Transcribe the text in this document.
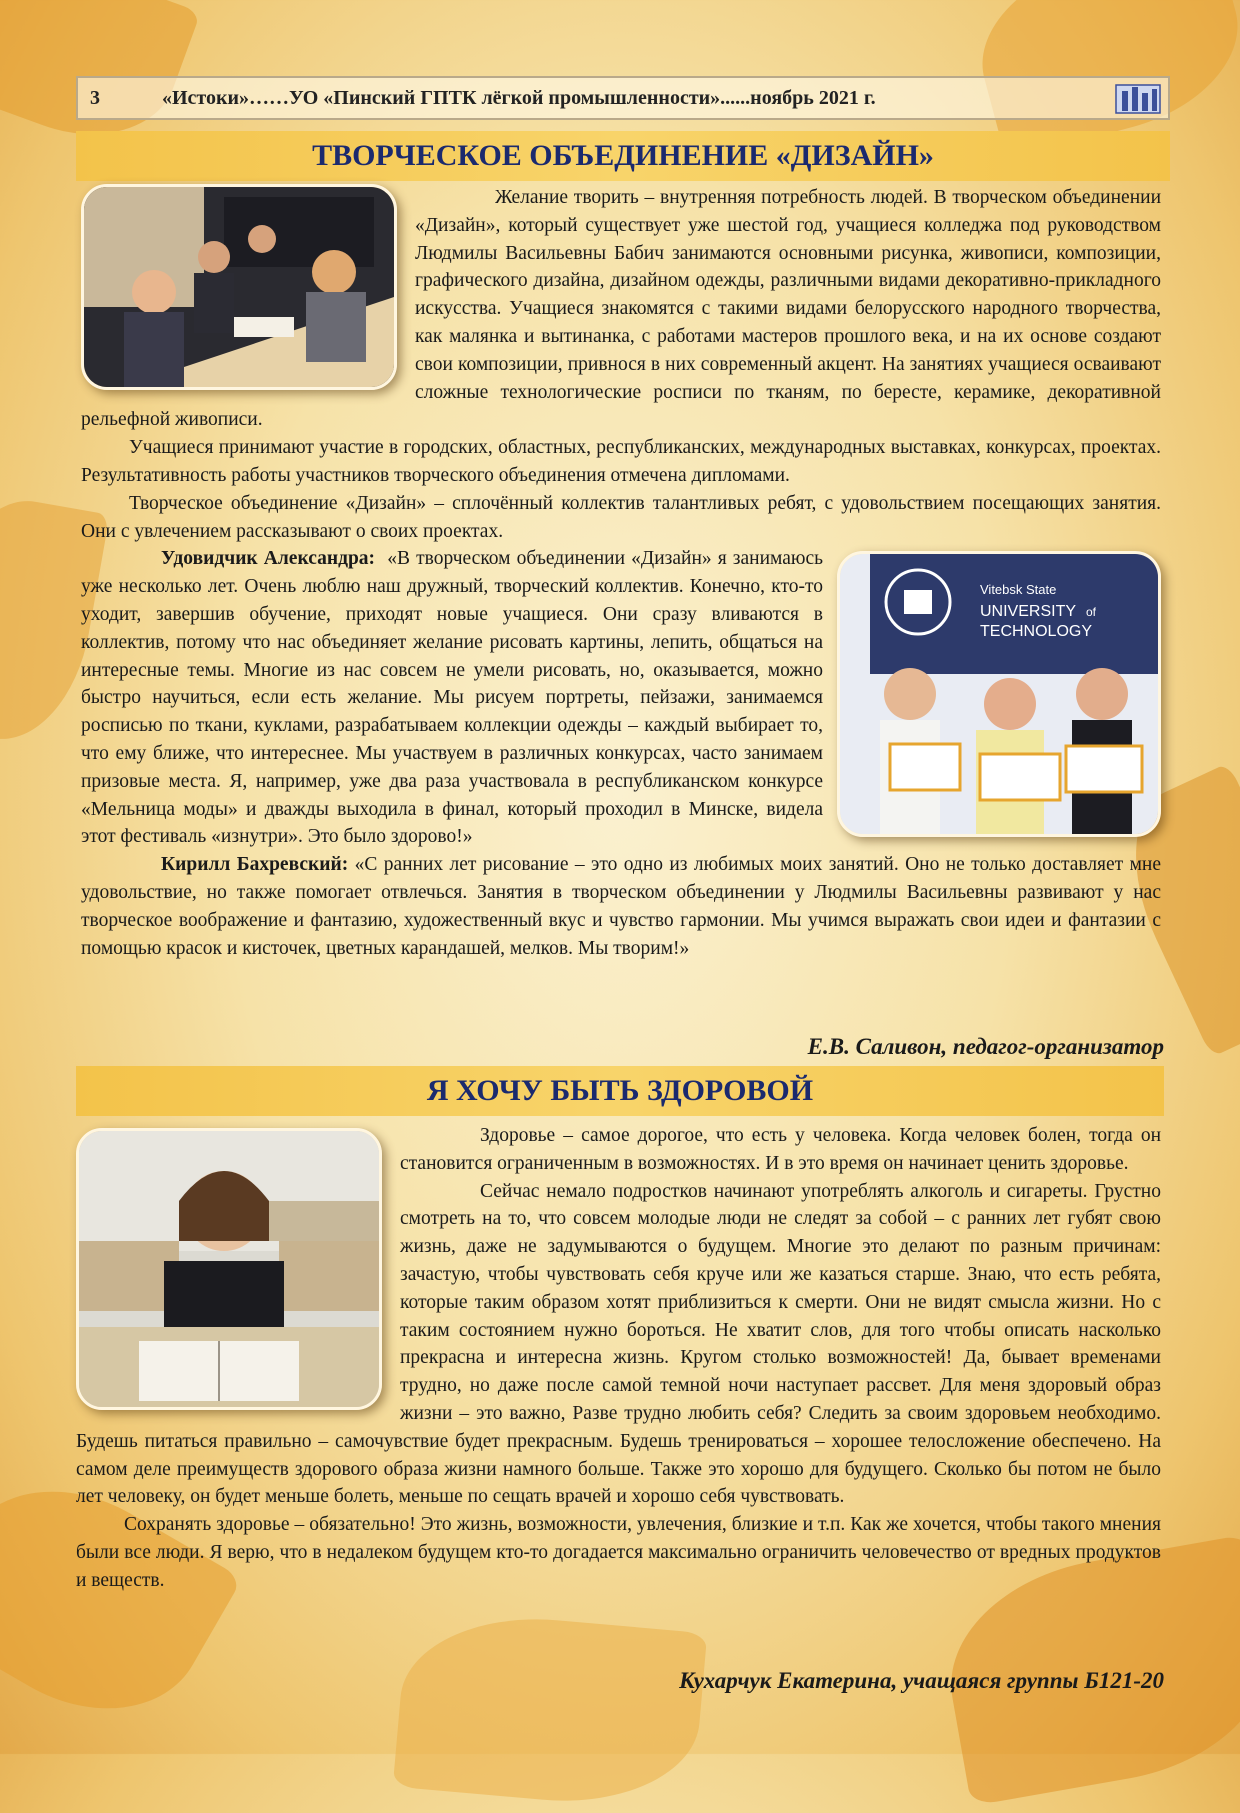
3	«Истоки»……УО «Пинский ГПТК лёгкой промышленности»......ноябрь 2021 г.
ТВОРЧЕСКОЕ ОБЪЕДИНЕНИЕ «ДИЗАЙН»

Желание творить – внутренняя потребность людей. В творческом объединении «Дизайн», который существует уже шестой год, учащиеся колледжа под руководством Людмилы Васильевны Бабич занимаются основными рисунка, живописи, композиции, графического дизайна, дизайном одежды, различными видами декоративно-прикладного искусства. Учащиеся знакомятся с такими видами белорусского народного творчества, как малянка и вытинанка, с работами мастеров прошлого века, и на их основе создают свои композиции, привнося в них современный акцент. На занятиях учащиеся осваивают сложные технологические росписи по тканям, по бересте, керамике, декоративной рельефной живописи.

Учащиеся принимают участие в городских, областных, республиканских, международных выставках, конкурсах, проектах. Результативность работы участников творческого объединения отмечена дипломами.

Творческое объединение «Дизайн» – сплочённый коллектив талантливых ребят, с удовольствием посещающих занятия. Они с увлечением рассказывают о своих проектах.

Vitebsk State
UNIVERSITY of
TECHNOLOGY

Удовидчик Александра: «В творческом объединении «Дизайн» я занимаюсь уже несколько лет. Очень люблю наш дружный, творческий коллектив. Конечно, кто-то уходит, завершив обучение, приходят новые учащиеся. Они сразу вливаются в коллектив, потому что нас объединяет желание рисовать картины, лепить, общаться на интересные темы. Многие из нас совсем не умели рисовать, но, оказывается, можно быстро научиться, если есть желание. Мы рисуем портреты, пейзажи, занимаемся росписью по ткани, куклами, разрабатываем коллекции одежды – каждый выбирает то, что ему ближе, что интереснее. Мы участвуем в различных конкурсах, часто занимаем призовые места. Я, например, уже два раза участвовала в республиканском конкурсе «Мельница моды» и дважды выходила в финал, который проходил в Минске, видела этот фестиваль «изнутри». Это было здорово!»

Кирилл Бахревский: «С ранних лет рисование – это одно из любимых моих занятий. Оно не только доставляет мне удовольствие, но также помогает отвлечься. Занятия в творческом объединении у Людмилы Васильевны развивают у нас творческое воображение и фантазию, художественный вкус и чувство гармонии. Мы учимся выражать свои идеи и фантазии с помощью красок и кисточек, цветных карандашей, мелков. Мы творим!»

Е.В. Саливон, педагог-организатор
Я ХОЧУ БЫТЬ ЗДОРОВОЙ

Здоровье – самое дорогое, что есть у человека. Когда человек болен, тогда он становится ограниченным в возможностях. И в это время он начинает ценить здоровье.

Сейчас немало подростков начинают употреблять алкоголь и сигареты. Грустно смотреть на то, что совсем молодые люди не следят за собой – с ранних лет губят свою жизнь, даже не задумываются о будущем. Многие это делают по разным причинам: зачастую, чтобы чувствовать себя круче или же казаться старше. Знаю, что есть ребята, которые таким образом хотят приблизиться к смерти. Они не видят смысла жизни. Но с таким состоянием нужно бороться. Не хватит слов, для того чтобы описать насколько прекрасна и интересна жизнь. Кругом столько возможностей! Да, бывает временами трудно, но даже после самой темной ночи наступает рассвет. Для меня здоровый образ жизни – это важно, Разве трудно любить себя? Следить за своим здоровьем необходимо. Будешь питаться правильно – самочувствие будет прекрасным. Будешь тренироваться – хорошее телосложение обеспечено. На самом деле преимуществ здорового образа жизни намного больше. Также это хорошо для будущего. Сколько бы потом не было лет человеку, он будет меньше болеть, меньше по сещать врачей и хорошо себя чувствовать.

Сохранять здоровье – обязательно! Это жизнь, возможности, увлечения, близкие и т.п. Как же хочется, чтобы такого мнения были все люди. Я верю, что в недалеком будущем кто-то догадается максимально ограничить человечество от вредных продуктов и веществ.

Кухарчук Екатерина, учащаяся группы Б121-20
